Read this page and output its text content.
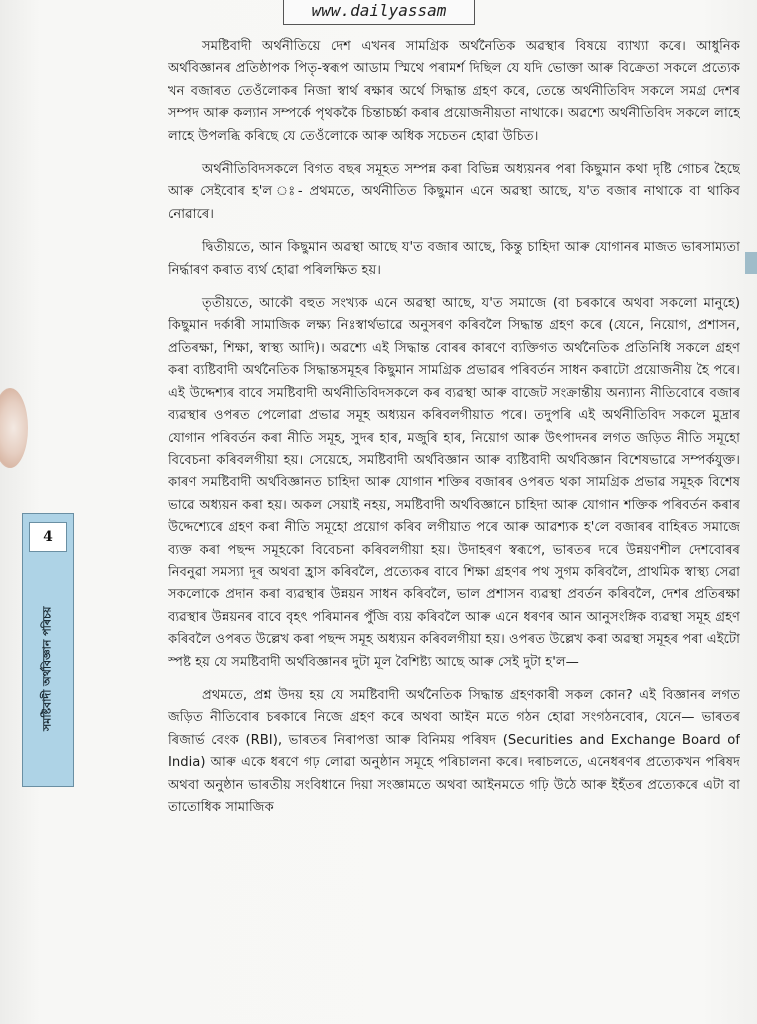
www.dailyassam
4
সমষ্টিবাদী অৰ্থবিজ্ঞান পৰিচয়

সমষ্টিবাদী অৰ্থনীতিয়ে দেশ এখনৰ সামগ্ৰিক অৰ্থনৈতিক অৱস্থাৰ বিষয়ে ব্যাখ্যা কৰে। আধুনিক অৰ্থবিজ্ঞানৰ প্ৰতিষ্ঠাপক পিতৃ-স্বৰূপ আডাম স্মিথে পৰামৰ্শ দিছিল যে যদি ভোক্তা আৰু বিক্ৰেতা সকলে প্ৰত্যেক খন বজাৰত তেওঁলোকৰ নিজা স্বাৰ্থ ৰক্ষাৰ অৰ্থে সিদ্ধান্ত গ্ৰহণ কৰে, তেন্তে অৰ্থনীতিবিদ সকলে সমগ্ৰ দেশৰ সম্পদ আৰু কল্যান সম্পৰ্কে পৃথককৈ চিন্তাচৰ্চ্চা কৰাৰ প্ৰয়োজনীয়তা নাথাকে। অৱশ্যে অৰ্থনীতিবিদ সকলে লাহে লাহে উপলব্ধি কৰিছে যে তেওঁলোকে আৰু অধিক সচেতন হোৱা উচিত।

অৰ্থনীতিবিদসকলে বিগত বছৰ সমূহত সম্পন্ন কৰা বিভিন্ন অধ্যয়নৰ পৰা কিছুমান কথা দৃষ্টি গোচৰ হৈছে আৰু সেইবোৰ হ'ল ঃ- প্ৰথমতে, অৰ্থনীতিত কিছুমান এনে অৱস্থা আছে, য'ত বজাৰ নাথাকে বা থাকিব নোৱাৰে।

দ্বিতীয়তে, আন কিছুমান অৱস্থা আছে য'ত বজাৰ আছে, কিন্তু চাহিদা আৰু যোগানৰ মাজত ভাৰসাম্যতা নিৰ্দ্ধাৰণ কৰাত ব্যৰ্থ হোৱা পৰিলক্ষিত হয়।

তৃতীয়তে, আকৌ বহুত সংখ্যক এনে অৱস্থা আছে, য'ত সমাজে (বা চৰকাৰে অথবা সকলো মানুহে) কিছুমান দৰ্কাৰী সামাজিক লক্ষ্য নিঃস্বাৰ্থভাৱে অনুসৰণ কৰিবলৈ সিদ্ধান্ত গ্ৰহণ কৰে (যেনে, নিয়োগ, প্ৰশাসন, প্ৰতিৰক্ষা, শিক্ষা, স্বাস্থ্য আদি)। অৱশ্যে এই সিদ্ধান্ত বোৰৰ কাৰণে ব্যক্তিগত অৰ্থনৈতিক প্ৰতিনিধি সকলে গ্ৰহণ কৰা ব্যষ্টিবাদী অৰ্থনৈতিক সিদ্ধান্তসমূহৰ কিছুমান সামগ্ৰিক প্ৰভাৱৰ পৰিবৰ্তন সাধন কৰাটো প্ৰয়োজনীয় হৈ পৰে। এই উদ্দেশ্যৰ বাবে সমষ্টিবাদী অৰ্থনীতিবিদসকলে কৰ ব্যৱস্থা আৰু বাজেট সংক্ৰান্তীয় অন্যান্য নীতিবোৰে বজাৰ ব্যৱস্থাৰ ওপৰত পেলোৱা প্ৰভাৱ সমূহ অধ্যয়ন কৰিবলগীয়াত পৰে। তদুপৰি এই অৰ্থনীতিবিদ সকলে মুদ্ৰাৰ যোগান পৰিবৰ্তন কৰা নীতি সমূহ, সুদৰ হাৰ, মজুৰি হাৰ, নিয়োগ আৰু উৎপাদনৰ লগত জড়িত নীতি সমূহো বিবেচনা কৰিবলগীয়া হয়। সেয়েহে, সমষ্টিবাদী অৰ্থবিজ্ঞান আৰু ব্যষ্টিবাদী অৰ্থবিজ্ঞান বিশেষভাৱে সম্পৰ্কযুক্ত। কাৰণ সমষ্টিবাদী অৰ্থবিজ্ঞানত চাহিদা আৰু যোগান শক্তিৰ বজাৰৰ ওপৰত থকা সামগ্ৰিক প্ৰভাৱ সমূহক বিশেষ ভাৱে অধ্যয়ন কৰা হয়। অকল সেয়াই নহয়, সমষ্টিবাদী অৰ্থবিজ্ঞানে চাহিদা আৰু যোগান শক্তিক পৰিবৰ্তন কৰাৰ উদ্দেশ্যেৰে গ্ৰহণ কৰা নীতি সমূহো প্ৰয়োগ কৰিব লগীয়াত পৰে আৰু আৱশ্যক হ'লে বজাৰৰ বাহিৰত সমাজে ব্যক্ত কৰা পছন্দ সমূহকো বিবেচনা কৰিবলগীয়া হয়। উদাহৰণ স্বৰূপে, ভাৰতৰ দৰে উন্নয়ণশীল দেশবোৰৰ নিবনুৱা সমস্যা দূৰ অথবা হ্ৰাস কৰিবলৈ, প্ৰত্যেকৰ বাবে শিক্ষা গ্ৰহণৰ পথ সুগম কৰিবলৈ, প্ৰাথমিক স্বাস্থ্য সেৱা সকলোকে প্ৰদান কৰা ব্যৱস্থাৰ উন্নয়ন সাধন কৰিবলৈ, ভাল প্ৰশাসন ব্যৱস্থা প্ৰবৰ্তন কৰিবলৈ, দেশৰ প্ৰতিৰক্ষা ব্যৱস্থাৰ উন্নয়নৰ বাবে বৃহৎ পৰিমানৰ পুঁজি ব্যয় কৰিবলৈ আৰু এনে ধৰণৰ আন আনুসংঙ্গিক ব্যৱস্থা সমূহ গ্ৰহণ কৰিবলৈ ওপৰত উল্লেখ কৰা পছন্দ সমূহ অধ্যয়ন কৰিবলগীয়া হয়। ওপৰত উল্লেখ কৰা অৱস্থা সমূহৰ পৰা এইটো স্পষ্ট হয় যে সমষ্টিবাদী অৰ্থবিজ্ঞানৰ দুটা মূল বৈশিষ্ট্য আছে আৰু সেই দুটা হ'ল—

প্ৰথমতে, প্ৰশ্ন উদয় হয় যে সমষ্টিবাদী অৰ্থনৈতিক সিদ্ধান্ত গ্ৰহণকাৰী সকল কোন? এই বিজ্ঞানৰ লগত জড়িত নীতিবোৰ চৰকাৰে নিজে গ্ৰহণ কৰে অথবা আইন মতে গঠন হোৱা সংগঠনবোৰ, যেনে— ভাৰতৰ ৰিজাৰ্ভ বেংক (RBI), ভাৰতৰ নিৰাপত্তা আৰু বিনিময় পৰিষদ (Securities and Exchange Board of India) আৰু একে ধৰণে গঢ় লোৱা অনুষ্ঠান সমূহে পৰিচালনা কৰে। দৰাচলতে, এনেধৰণৰ প্ৰত্যেকখন পৰিষদ অথবা অনুষ্ঠান ভাৰতীয় সংবিধানে দিয়া সংজ্ঞামতে অথবা আইনমতে গঢ়ি উঠে আৰু ইহঁতৰ প্ৰত্যেকৰে এটা বা তাতোধিক সামাজিক
